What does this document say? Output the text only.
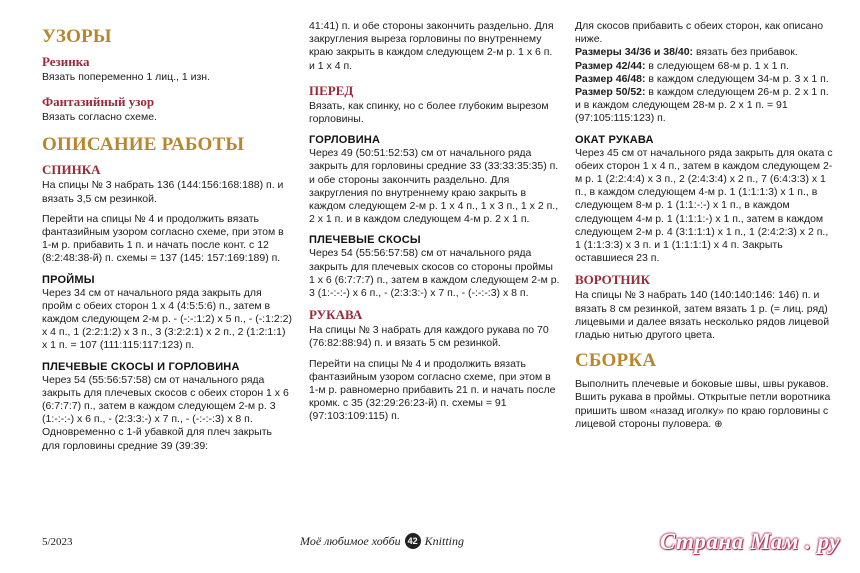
УЗОРЫ
Резинка

Вязать попеременно 1 лиц., 1 изн.

Фантазийный узор

Вязать согласно схеме.

ОПИСАНИЕ РАБОТЫ
СПИНКА

На спицы № 3 набрать 136 (144:156:168:188) п. и вязать 3,5 см резинкой.

Перейти на спицы № 4 и продолжить вязать фантазийным узором согласно схеме, при этом в 1-м р. прибавить 1 п. и начать после конт. с 12 (8:2:48:38-й) п. схемы = 137 (145: 157:169:189) п.

ПРОЙМЫ

Через 34 см от начального ряда закрыть для пройм с обеих сторон 1 х 4 (4:5:5:6) п., затем в каждом следующем 2-м р. - (-:-:1:2) х 5 п., - (-:1:2:2) х 4 п., 1 (2:2:1:2) х 3 п., 3 (3:2:2:1) х 2 п., 2 (1:2:1:1) х 1 п. = 107 (111:115:117:123) п.

ПЛЕЧЕВЫЕ СКОСЫ И ГОРЛОВИНА

Через 54 (55:56:57:58) см от начального ряда закрыть для плечевых скосов с обеих сторон 1 х 6 (6:7:7:7) п., затем в каждом следующем 2-м р. 3 (1:-:-:-) х 6 п., - (2:3:3:-) х 7 п., - (-:-:-:3) х 8 п.

Одновременно с 1-й убавкой для плеч закрыть для горловины средние 39 (39:39:

41:41) п. и обе стороны закончить раздельно. Для закругления выреза горловины по внутреннему краю закрыть в каждом следующем 2-м р. 1 х 6 п. и 1 х 4 п.

ПЕРЕД

Вязать, как спинку, но с более глубоким вырезом горловины.

ГОРЛОВИНА

Через 49 (50:51:52:53) см от начального ряда закрыть для горловины средние 33 (33:33:35:35) п. и обе стороны закончить раздельно. Для закругления по внутреннему краю закрыть в каждом следующем 2-м р. 1 х 4 п., 1 х 3 п., 1 х 2 п., 2 х 1 п. и в каждом следующем 4-м р. 2 х 1 п.

ПЛЕЧЕВЫЕ СКОСЫ

Через 54 (55:56:57:58) см от начального ряда закрыть для плечевых скосов со стороны проймы 1 х 6 (6:7:7:7) п., затем в каждом следующем 2-м р. 3 (1:-:-:-) х 6 п., - (2:3:3:-) х 7 п., - (-:-:-:3) х 8 п.

РУКАВА

На спицы № 3 набрать для каждого рукава по 70 (76:82:88:94) п. и вязать 5 см резинкой.

Перейти на спицы № 4 и продолжить вязать фантазийным узором согласно схеме, при этом в 1-м р. равномерно прибавить 21 п. и начать после кромк. с 35 (32:29:26:23-й) п. схемы = 91 (97:103:109:115) п.

Для скосов прибавить с обеих сторон, как описано ниже.

Размеры 34/36 и 38/40: вязать без прибавок.

Размер 42/44: в следующем 68-м р. 1 х 1 п.

Размер 46/48: в каждом следующем 34-м р. 3 х 1 п.

Размер 50/52: в каждом следующем 26-м р. 2 х 1 п. и в каждом следующем 28-м р. 2 х 1 п. = 91 (97:105:115:123) п.

ОКАТ РУКАВА

Через 45 см от начального ряда закрыть для оката с обеих сторон 1 х 4 п., затем в каждом следующем 2-м р. 1 (2:2:4:4) х 3 п., 2 (2:4:3:4) х 2 п., 7 (6:4:3:3) х 1 п., в каждом следующем 4-м р. 1 (1:1:1:3) х 1 п., в следующем 8-м р. 1 (1:1:-:-) х 1 п., в каждом следующем 4-м р. 1 (1:1:1:-) х 1 п., затем в каждом следующем 2-м р. 4 (3:1:1:1) х 1 п., 1 (2:4:2:3) х 2 п., 1 (1:1:3:3) х 3 п. и 1 (1:1:1:1) х 4 п. Закрыть оставшиеся 23 п.

ВОРОТНИК

На спицы № 3 набрать 140 (140:140:146: 146) п. и вязать 8 см резинкой, затем вязать 1 р. (= лиц. ряд) лицевыми и далее вязать несколько рядов лицевой гладью нитью другого цвета.

СБОРКА

Выполнить плечевые и боковые швы, швы рукавов. Вшить рукава в проймы. Открытые петли воротника пришить швом «назад иголку» по краю горловины с лицевой стороны пуловера. ⊕

5/2023	Моё любимое хобби 42 Knitting	Страна Мам . ру
